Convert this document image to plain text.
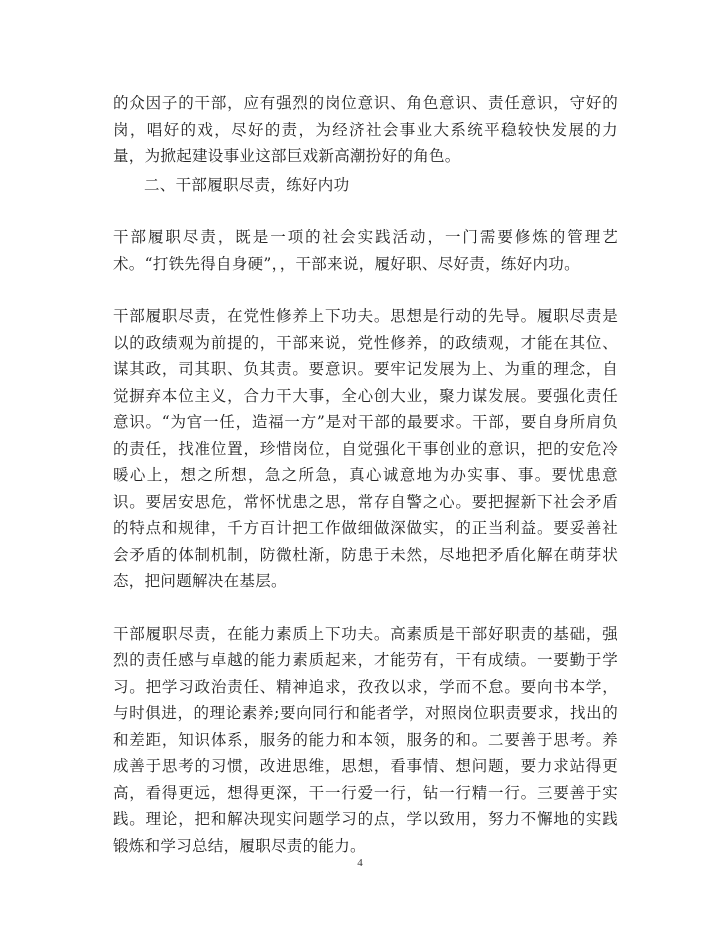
的众因子的干部，应有强烈的岗位意识、角色意识、责任意识，守好的岗，唱好的戏，尽好的责，为经济社会事业大系统平稳较快发展的力量，为掀起建设事业这部巨戏新高潮扮好的角色。

二、干部履职尽责，练好内功

干部履职尽责，既是一项的社会实践活动，一门需要修炼的管理艺术。“打铁先得自身硬”，，干部来说，履好职、尽好责，练好内功。

干部履职尽责，在党性修养上下功夫。思想是行动的先导。履职尽责是以的政绩观为前提的，干部来说，党性修养，的政绩观，才能在其位、谋其政，司其职、负其责。要意识。要牢记发展为上、为重的理念，自觉摒弃本位主义，合力干大事，全心创大业，聚力谋发展。要强化责任意识。“为官一任，造福一方”是对干部的最要求。干部，要自身所肩负的责任，找准位置，珍惜岗位，自觉强化干事创业的意识，把的安危冷暖心上，想之所想，急之所急，真心诚意地为办实事、事。要忧患意识。要居安思危，常怀忧患之思，常存自警之心。要把握新下社会矛盾的特点和规律，千方百计把工作做细做深做实，的正当利益。要妥善社会矛盾的体制机制，防微杜渐，防患于未然，尽地把矛盾化解在萌芽状态，把问题解决在基层。

干部履职尽责，在能力素质上下功夫。高素质是干部好职责的基础，强烈的责任感与卓越的能力素质起来，才能劳有，干有成绩。一要勤于学习。把学习政治责任、精神追求，孜孜以求，学而不怠。要向书本学，与时俱进，的理论素养;要向同行和能者学，对照岗位职责要求，找出的和差距，知识体系，服务的能力和本领，服务的和。二要善于思考。养成善于思考的习惯，改进思维，思想，看事情、想问题，要力求站得更高，看得更远，想得更深，干一行爱一行，钻一行精一行。三要善于实践。理论，把和解决现实问题学习的点，学以致用，努力不懈地的实践锻炼和学习总结，履职尽责的能力。

4
